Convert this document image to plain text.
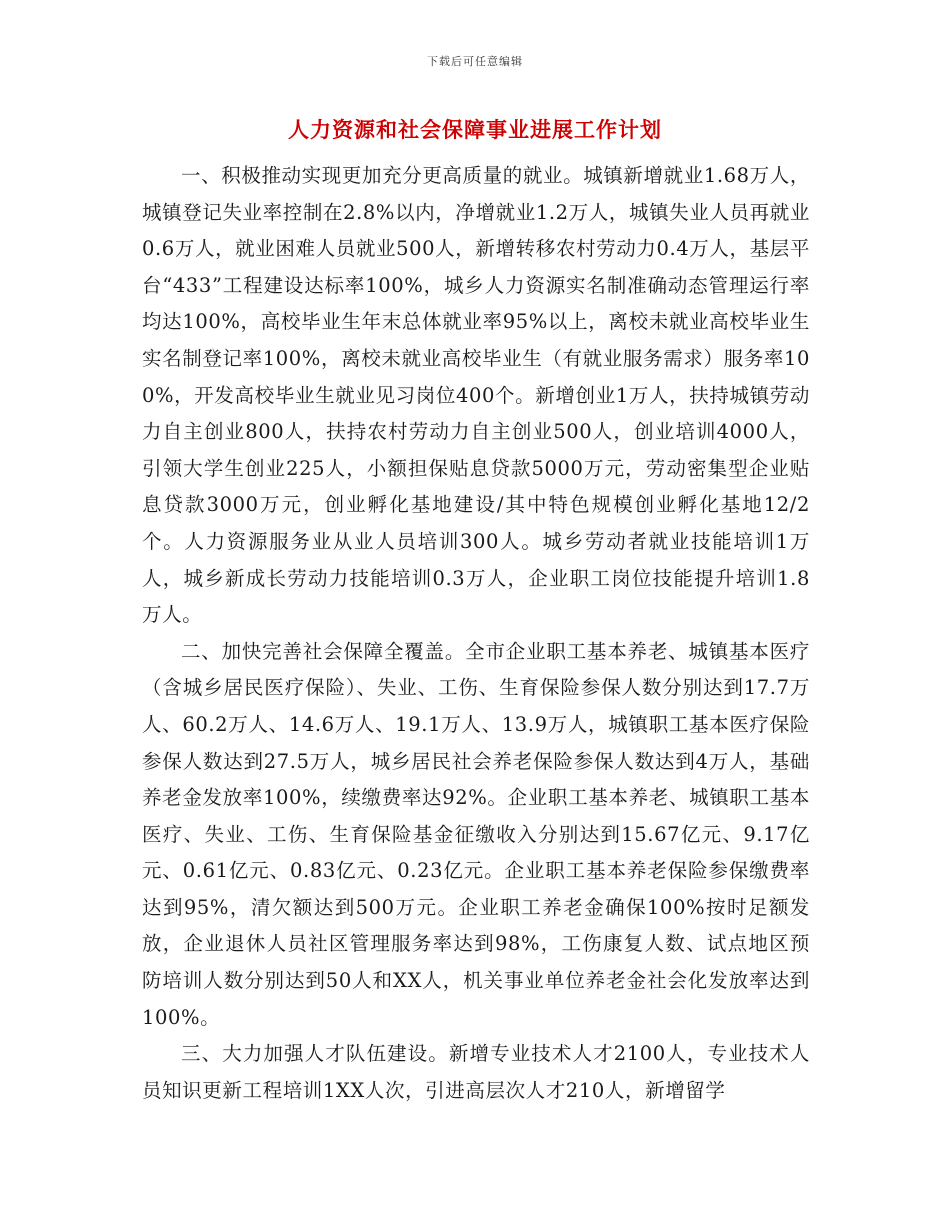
下载后可任意编辑
人力资源和社会保障事业进展工作计划

一、积极推动实现更加充分更高质量的就业。城镇新增就业1.68万人，城镇登记失业率控制在2.8%以内，净增就业1.2万人，城镇失业人员再就业0.6万人，就业困难人员就业500人，新增转移农村劳动力0.4万人，基层平台“433”工程建设达标率100%，城乡人力资源实名制准确动态管理运行率均达100%，高校毕业生年末总体就业率95%以上，离校未就业高校毕业生实名制登记率100%，离校未就业高校毕业生（有就业服务需求）服务率100%，开发高校毕业生就业见习岗位400个。新增创业1万人，扶持城镇劳动力自主创业800人，扶持农村劳动力自主创业500人，创业培训4000人，引领大学生创业225人，小额担保贴息贷款5000万元，劳动密集型企业贴息贷款3000万元，创业孵化基地建设/其中特色规模创业孵化基地12/2个。人力资源服务业从业人员培训300人。城乡劳动者就业技能培训1万人，城乡新成长劳动力技能培训0.3万人，企业职工岗位技能提升培训1.8万人。

二、加快完善社会保障全覆盖。全市企业职工基本养老、城镇基本医疗（含城乡居民医疗保险）、失业、工伤、生育保险参保人数分别达到17.7万人、60.2万人、14.6万人、19.1万人、13.9万人，城镇职工基本医疗保险参保人数达到27.5万人，城乡居民社会养老保险参保人数达到4万人，基础养老金发放率100%，续缴费率达92%。企业职工基本养老、城镇职工基本医疗、失业、工伤、生育保险基金征缴收入分别达到15.67亿元、9.17亿元、0.61亿元、0.83亿元、0.23亿元。企业职工基本养老保险参保缴费率达到95%，清欠额达到500万元。企业职工养老金确保100%按时足额发放，企业退休人员社区管理服务率达到98%，工伤康复人数、试点地区预防培训人数分别达到50人和XX人，机关事业单位养老金社会化发放率达到100%。

三、大力加强人才队伍建设。新增专业技术人才2100人，专业技术人员知识更新工程培训1XX人次，引进高层次人才210人，新增留学
